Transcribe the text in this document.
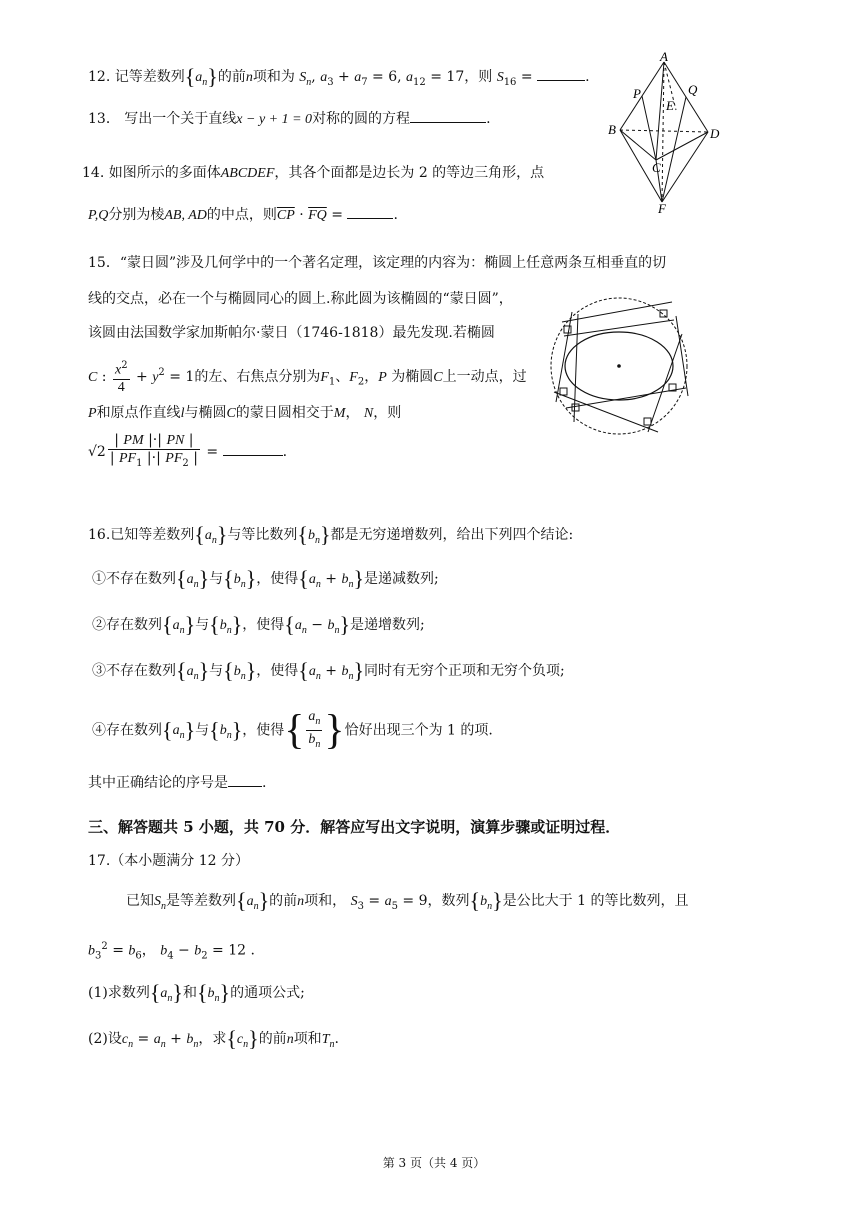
12. 记等差数列$\{a_n\}$的前n项和为 $S_n$, $a_3 + a_7 = 6$, $a_{12} = 17$，则 $S_{16}$ =	.
13． 写出一个关于直线x − y + 1 = 0对称的圆的方程	.
A
B
C
D
E
F
P	Q
14. 如图所示的多面体ABCDEF，其各个面都是边长为 2 的等边三角形，点
P,Q分别为棱AB, AD的中点，则$\overline{CP} \cdot \overline{FQ}$ =	.
15．“蒙日圆”涉及几何学中的一个著名定理，该定理的内容为：椭圆上任意两条互相垂直的切
线的交点，必在一个与椭圆同心的圆上.称此圆为该椭圆的“蒙日圆”，
该圆由法国数学家加斯帕尔·蒙日（1746-1818）最先发现.若椭圆
C : $\frac{x^2}{4} + y^2 = 1$的左、右焦点分别为$F_1$、$F_2$，P 为椭圆C上一动点，过
P和原点作直线l与椭圆C的蒙日圆相交于M， N，则
$√2 \frac{| PM |\cdot| PN |}{| PF_1 |\cdot| PF_2 |}$ =	.
16.已知等差数列$\{a_n\}$与等比数列$\{b_n\}$都是无穷递增数列，给出下列四个结论:
①不存在数列$\{a_n\}$与$\{b_n\}$，使得$\{a_n + b_n\}$是递减数列;
②存在数列$\{a_n\}$与$\{b_n\}$，使得$\{a_n - b_n\}$是递增数列;
③不存在数列$\{a_n\}$与$\{b_n\}$，使得$\{a_n + b_n\}$同时有无穷个正项和无穷个负项;
④存在数列$\{a_n\}$与$\{b_n\}$，使得{ $\frac{a_n}{b_n}$ }恰好出现三个为 1 的项.
其中正确结论的序号是 .
三、解答题共 5 小题，共 70 分．解答应写出文字说明，演算步骤或证明过程．
17.（本小题满分 12 分）
已知$S_n$是等差数列$\{a_n\}$的前n项和， $S_3 = a_5 = 9$，数列$\{b_n\}$是公比大于 1 的等比数列，且
$b_3^2 = b_6$， $b_4 - b_2 = 12$ .
(1)求数列$\{a_n\}$和$\{b_n\}$的通项公式;
(2)设$c_n = a_n + b_n$，求$\{c_n\}$的前n项和$T_n$.
第 3 页（共 4 页）
